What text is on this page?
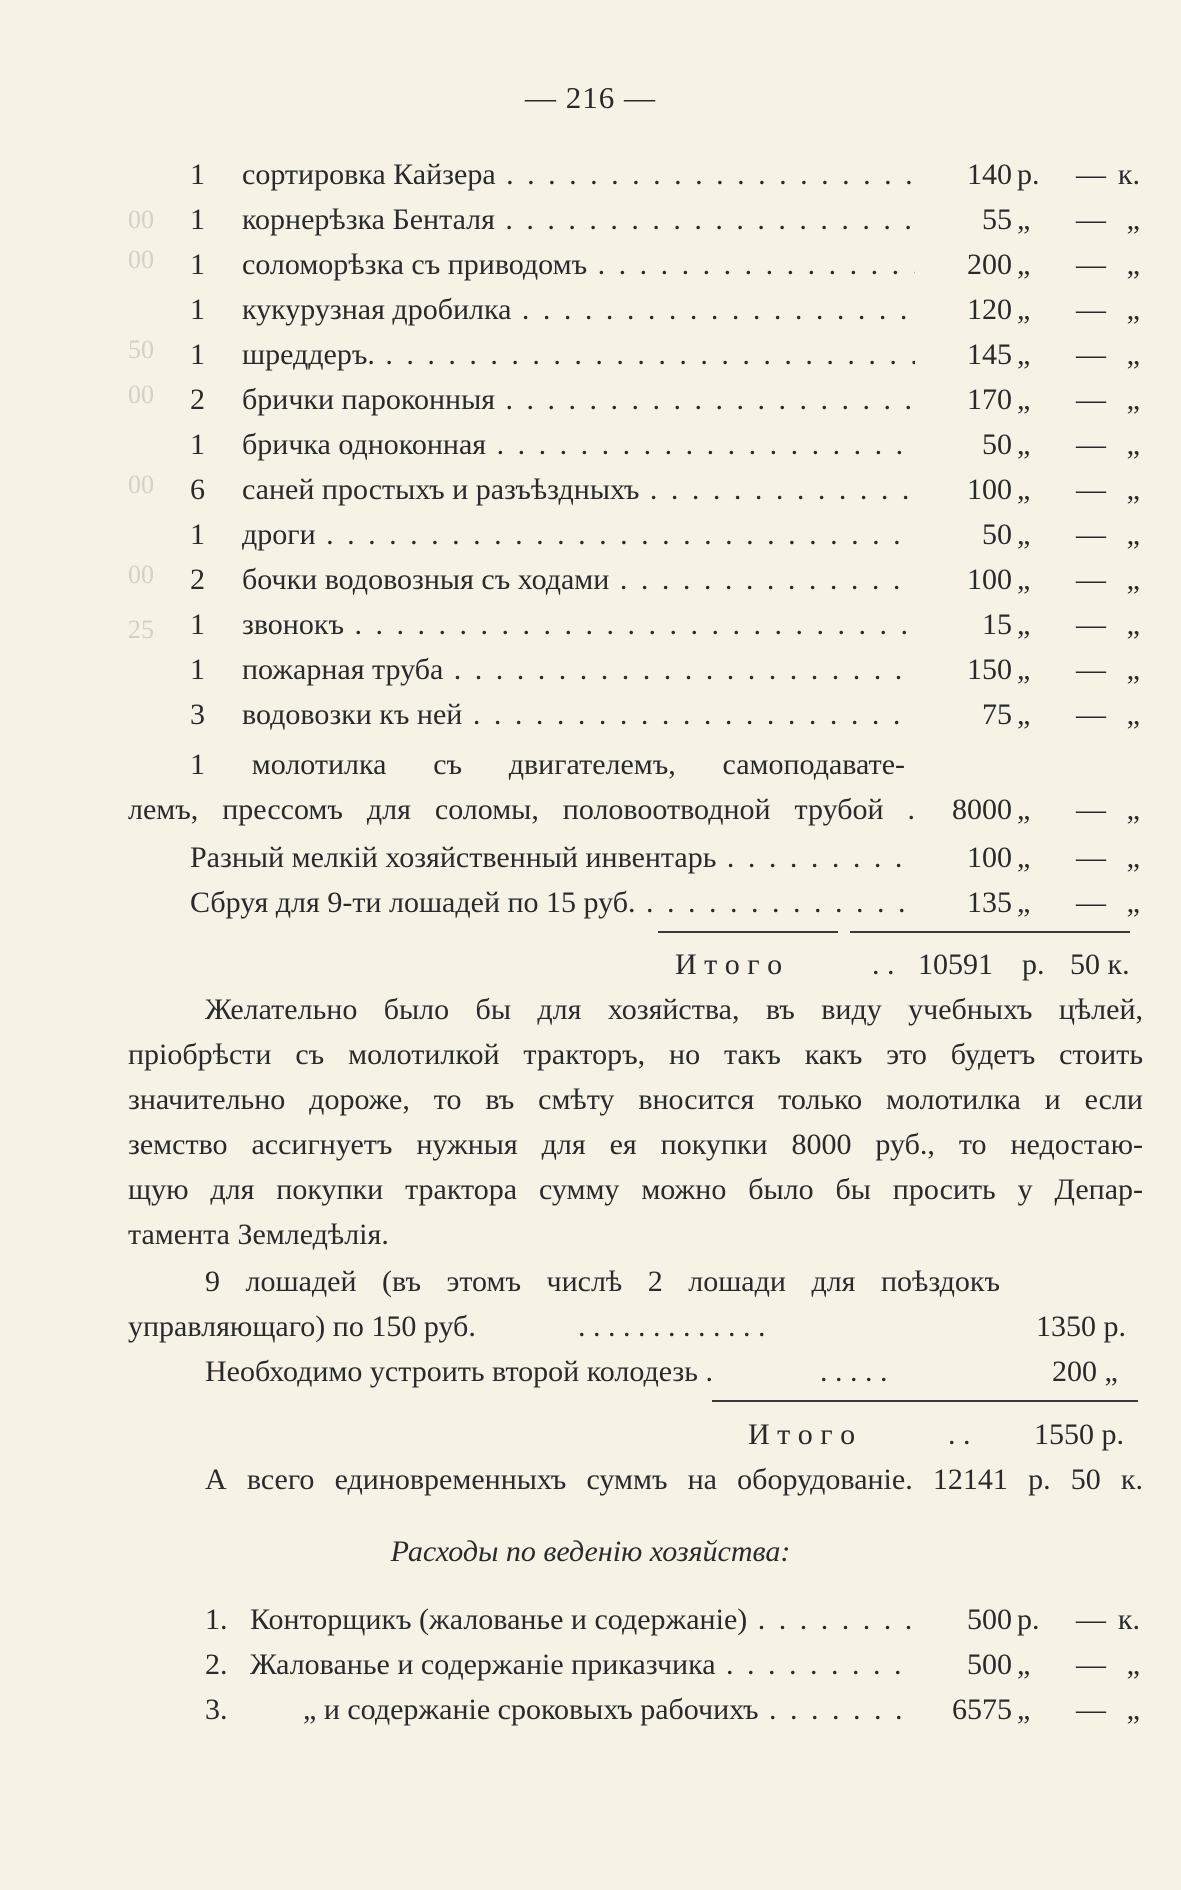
00
00
50
00
00
00
25
— 216 —
1 сортировка Кайзера . . .	140 р.	— к.
1 корнерѣзка Бенталя . . .	55 „	— „
1 соломорѣзка съ приводомъ . . .	200 „	— „
1 кукурузная дробилка . . .	120 „	— „
1 шреддеръ. . . .	145 „	— „
2 брички пароконныя . . .	170 „	— „
1 бричка одноконная . . .	50 „	— „
6 саней простыхъ и разъѣздныхъ . . .	100 „	— „
1 дроги . . .	50 „	— „
2 бочки водовозныя съ ходами . . .	100 „	— „
1 звонокъ . . .	15 „	— „
1 пожарная труба . . .	150 „	— „
3 водовозки къ ней . . .	75 „	— „
1 молотилка съ двигателемъ, самоподавате-
лемъ, прессомъ для соломы, половоотводной трубой .	8000 „	— „
Разный мелкій хозяйственный инвентарь . . .	100 „	— „
Сбруя для 9-ти лошадей по 15 руб. . . .	135 „	— „
И т о г о	. . 10591 р. 50 к.
Желательно было бы для хозяйства, въ виду учебныхъ цѣлей,
пріобрѣсти съ молотилкой тракторъ, но такъ какъ это будетъ стоить
значительно дороже, то въ смѣту вносится только молотилка и если
земство ассигнуетъ нужныя для ея покупки 8000 руб., то недостаю-
щую для покупки трактора сумму можно было бы просить у Депар-
тамента Земледѣлія.
9 лошадей (въ этомъ числѣ 2 лошади для поѣздокъ
управляющаго) по 150 руб.	. . . . . . . . . . . . .	1350 р.
Необходимо устроить второй колодезь .	. . . . .	200 „
И т о г о	. . 1550 р.
А всего единовременныхъ суммъ на оборудованіе. 12141 р. 50 к.
Расходы по веденію хозяйства:
1. Конторщикъ (жалованье и содержаніе) . . .	500 р.	— к.
2. Жалованье и содержаніе приказчика . . .	500 „	— „
3.	„ и содержаніе сроковыхъ рабочихъ . . .	6575 „	— „
